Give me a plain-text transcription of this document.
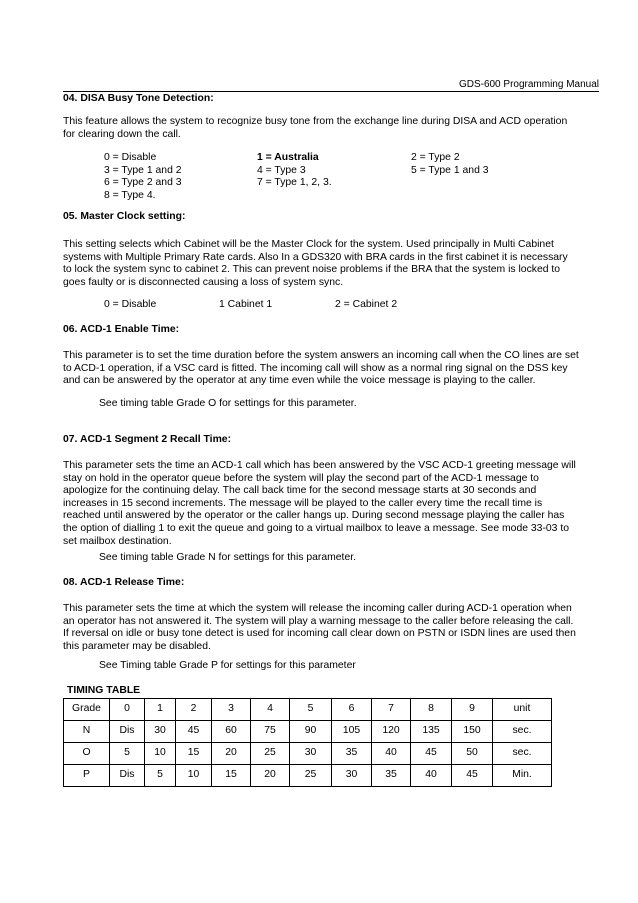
GDS-600 Programming Manual
04. DISA Busy Tone Detection:
This feature allows the system to recognize busy tone from the exchange line during DISA and ACD operation
for clearing down the call.
0 = Disable	1 = Australia	2 = Type 2
3 = Type 1 and 2	4 = Type 3	5 = Type 1 and 3
6 = Type 2 and 3	7 = Type 1, 2, 3.
8 = Type 4.
05. Master Clock setting:
This setting selects which Cabinet will be the Master Clock for the system. Used principally in Multi Cabinet
systems with Multiple Primary Rate cards. Also In a GDS320 with BRA cards in the first cabinet it is necessary
to lock the system sync to cabinet 2. This can prevent noise problems if the BRA that the system is locked to
goes faulty or is disconnected causing a loss of system sync.
0 = Disable	1 Cabinet 1	2 = Cabinet 2
06. ACD-1 Enable Time:
This parameter is to set the time duration before the system answers an incoming call when the CO lines are set
to ACD-1 operation, if a VSC card is fitted. The incoming call will show as a normal ring signal on the DSS key
and can be answered by the operator at any time even while the voice message is playing to the caller.
See timing table Grade O for settings for this parameter.
07. ACD-1 Segment 2 Recall Time:
This parameter sets the time an ACD-1 call which has been answered by the VSC ACD-1 greeting message will
stay on hold in the operator queue before the system will play the second part of the ACD-1 message to
apologize for the continuing delay. The call back time for the second message starts at 30 seconds and
increases in 15 second increments. The message will be played to the caller every time the recall time is
reached until answered by the operator or the caller hangs up. During second message playing the caller has
the option of dialling 1 to exit the queue and going to a virtual mailbox to leave a message. See mode 33-03 to
set mailbox destination.
See timing table Grade N for settings for this parameter.
08. ACD-1 Release Time:
This parameter sets the time at which the system will release the incoming caller during ACD-1 operation when
an operator has not answered it. The system will play a warning message to the caller before releasing the call.
If reversal on idle or busy tone detect is used for incoming call clear down on PSTN or ISDN lines are used then
this parameter may be disabled.
See Timing table Grade P for settings for this parameter
TIMING TABLE
Grade	0	1	2	3	4	5	6	7	8	9	unit
N	Dis	30	45	60	75	90	105	120	135	150	sec.
O	5	10	15	20	25	30	35	40	45	50	sec.
P	Dis	5	10	15	20	25	30	35	40	45	Min.
